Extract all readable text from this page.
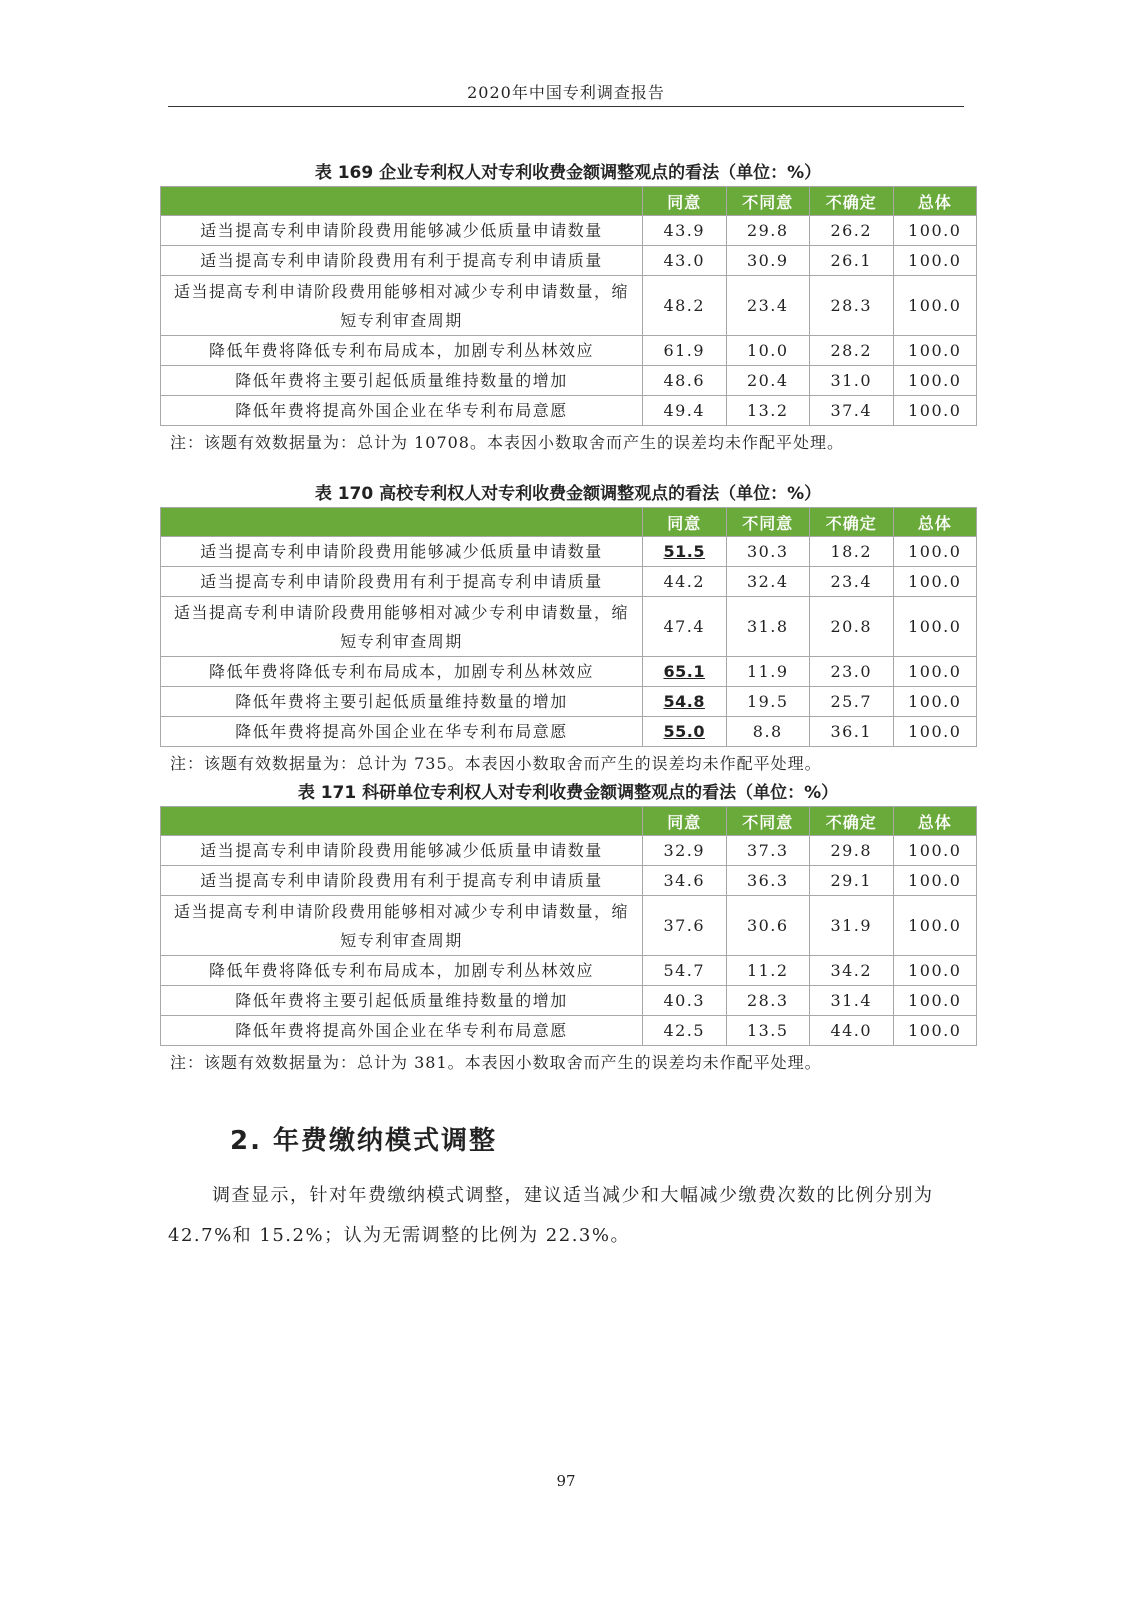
2020年中国专利调查报告
表 169 企业专利权人对专利收费金额调整观点的看法（单位：%）
	同意	不同意	不确定	总体
适当提高专利申请阶段费用能够减少低质量申请数量	43.9	29.8	26.2	100.0
适当提高专利申请阶段费用有利于提高专利申请质量	43.0	30.9	26.1	100.0
适当提高专利申请阶段费用能够相对减少专利申请数量，缩短专利审查周期	48.2	23.4	28.3	100.0
降低年费将降低专利布局成本，加剧专利丛林效应	61.9	10.0	28.2	100.0
降低年费将主要引起低质量维持数量的增加	48.6	20.4	31.0	100.0
降低年费将提高外国企业在华专利布局意愿	49.4	13.2	37.4	100.0
注：该题有效数据量为：总计为 10708。本表因小数取舍而产生的误差均未作配平处理。
表 170 高校专利权人对专利收费金额调整观点的看法（单位：%）
	同意	不同意	不确定	总体
适当提高专利申请阶段费用能够减少低质量申请数量	51.5	30.3	18.2	100.0
适当提高专利申请阶段费用有利于提高专利申请质量	44.2	32.4	23.4	100.0
适当提高专利申请阶段费用能够相对减少专利申请数量，缩短专利审查周期	47.4	31.8	20.8	100.0
降低年费将降低专利布局成本，加剧专利丛林效应	65.1	11.9	23.0	100.0
降低年费将主要引起低质量维持数量的增加	54.8	19.5	25.7	100.0
降低年费将提高外国企业在华专利布局意愿	55.0	8.8	36.1	100.0
注：该题有效数据量为：总计为 735。本表因小数取舍而产生的误差均未作配平处理。
表 171 科研单位专利权人对专利收费金额调整观点的看法（单位：%）
	同意	不同意	不确定	总体
适当提高专利申请阶段费用能够减少低质量申请数量	32.9	37.3	29.8	100.0
适当提高专利申请阶段费用有利于提高专利申请质量	34.6	36.3	29.1	100.0
适当提高专利申请阶段费用能够相对减少专利申请数量，缩短专利审查周期	37.6	30.6	31.9	100.0
降低年费将降低专利布局成本，加剧专利丛林效应	54.7	11.2	34.2	100.0
降低年费将主要引起低质量维持数量的增加	40.3	28.3	31.4	100.0
降低年费将提高外国企业在华专利布局意愿	42.5	13.5	44.0	100.0
注：该题有效数据量为：总计为 381。本表因小数取舍而产生的误差均未作配平处理。
2. 年费缴纳模式调整

调查显示，针对年费缴纳模式调整，建议适当减少和大幅减少缴费次数的比例分别为 42.7%和 15.2%；认为无需调整的比例为 22.3%。

97
